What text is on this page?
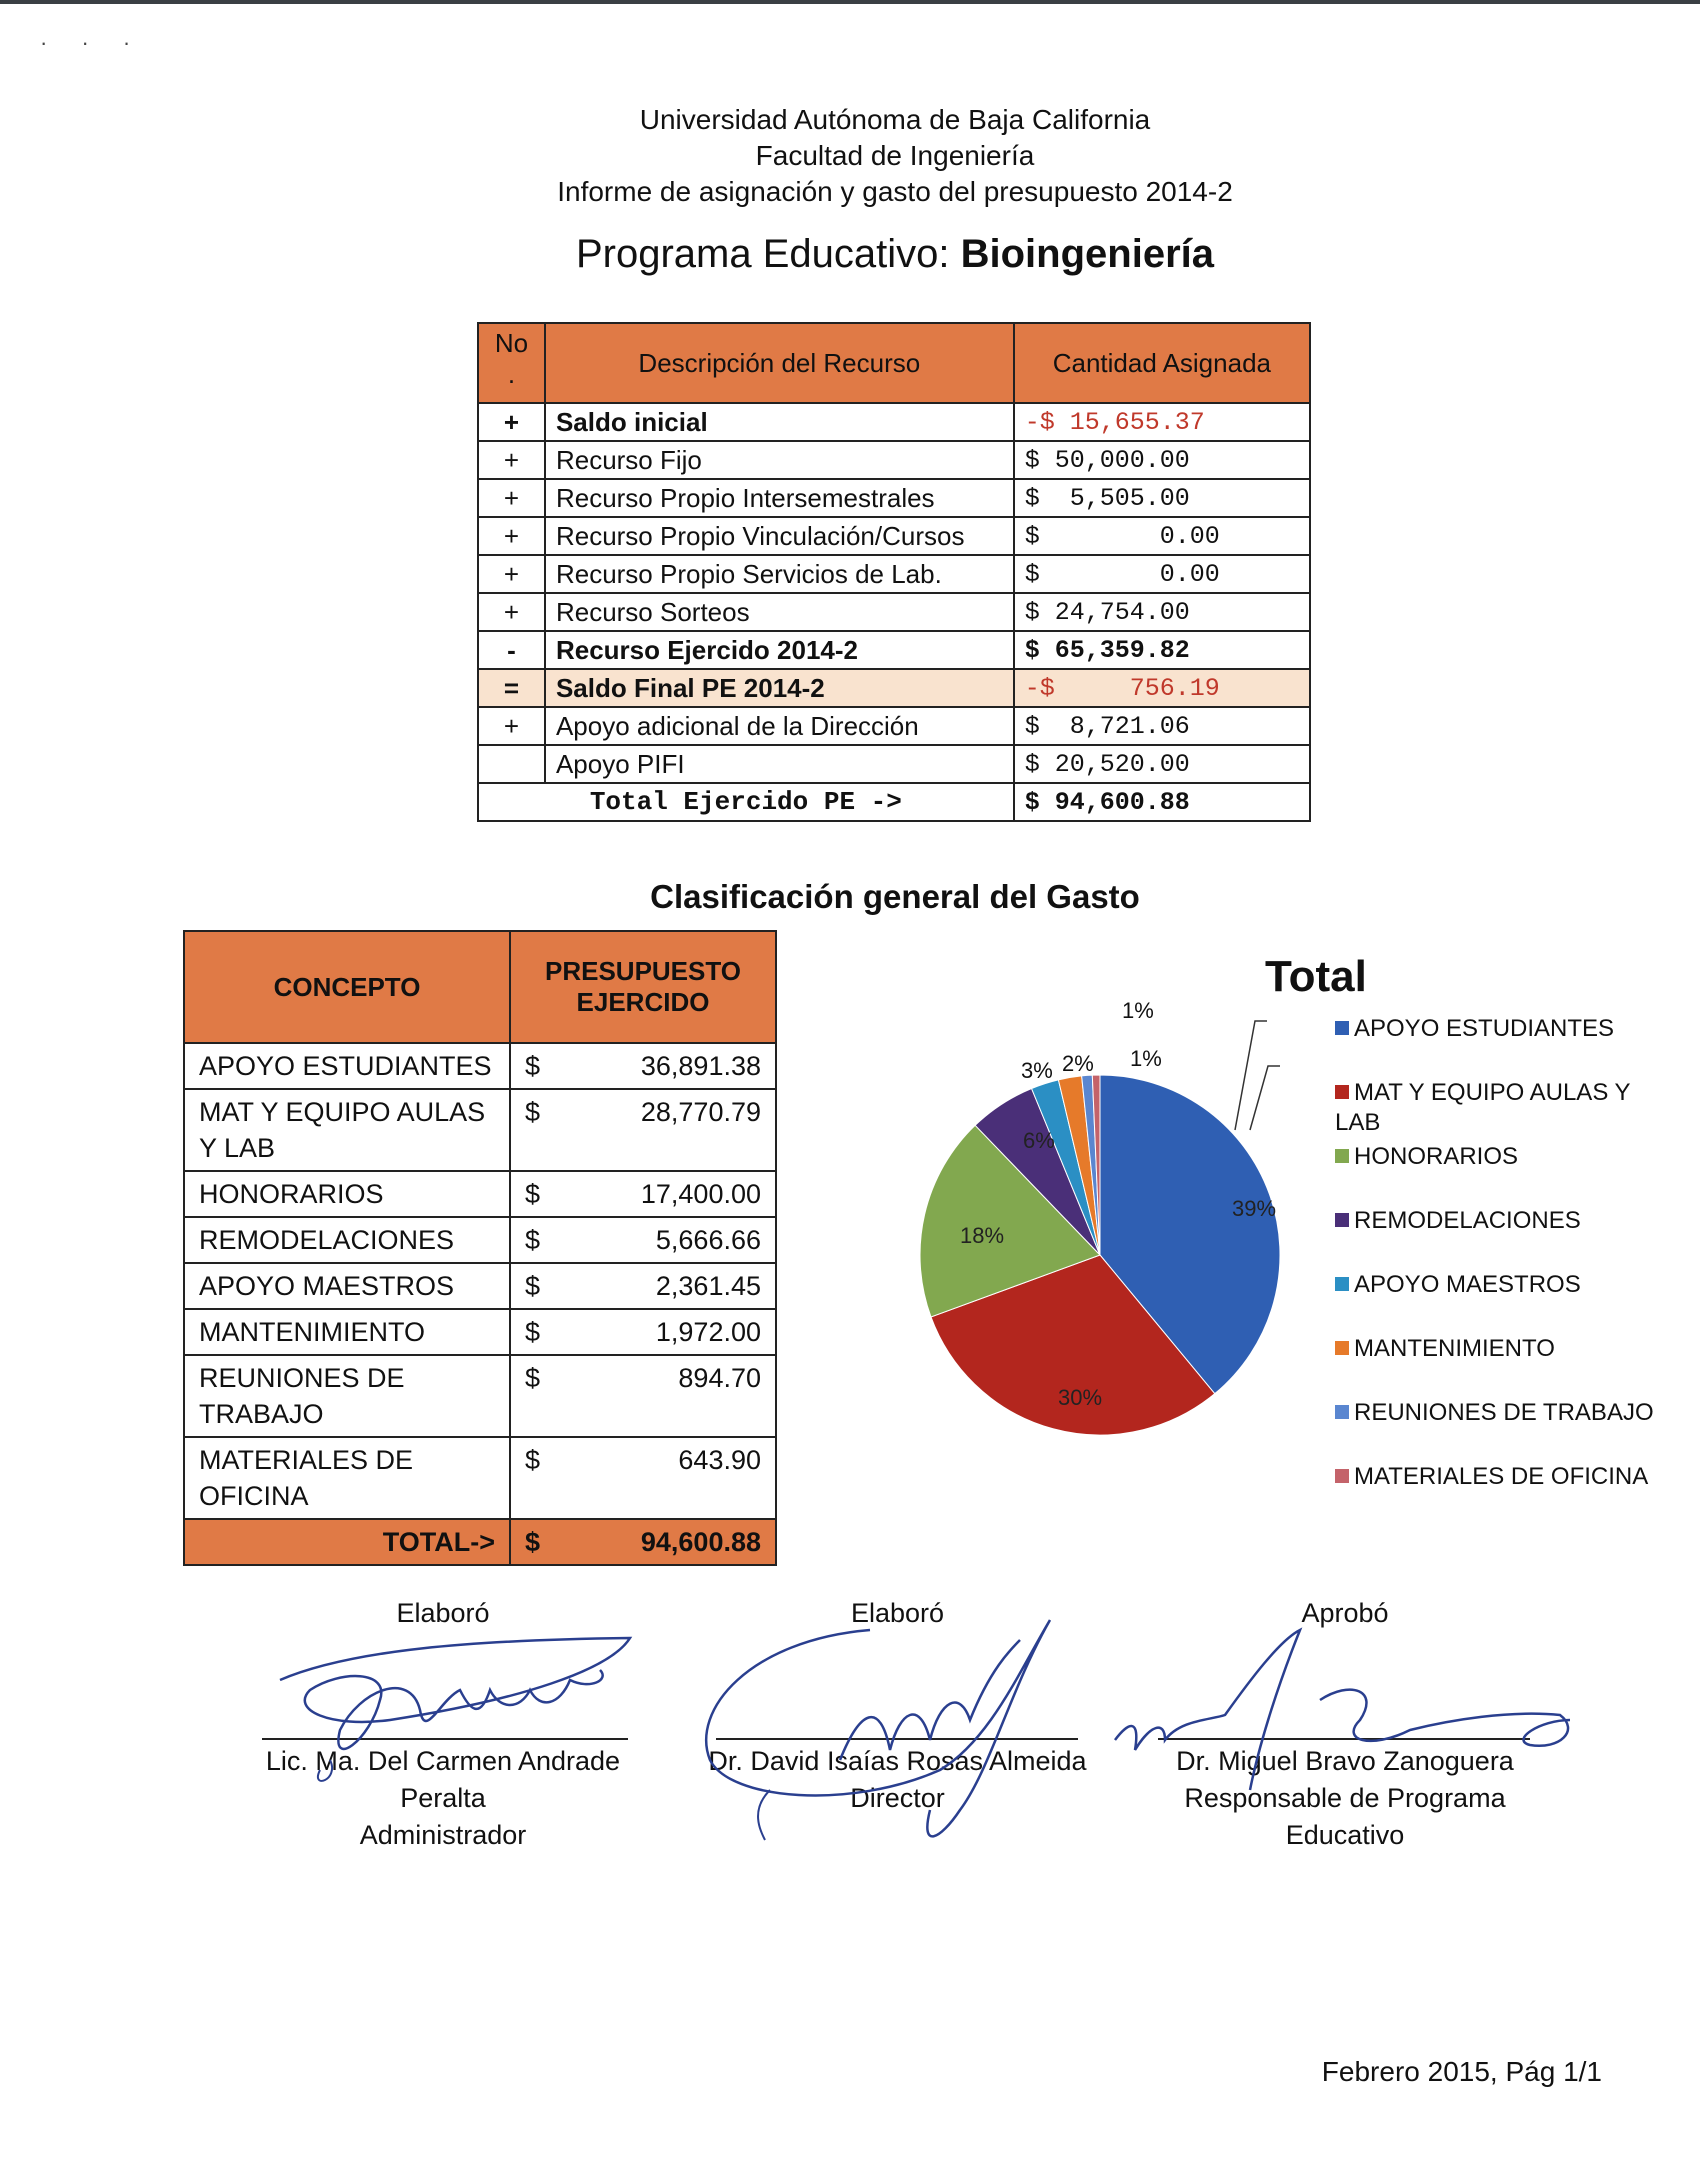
· · ·
Universidad Autónoma de Baja California
Facultad de Ingeniería
Informe de asignación y gasto del presupuesto 2014-2
Programa Educativo: Bioingeniería
No
.	Descripción del Recurso	Cantidad Asignada
+	Saldo inicial	-$ 15,655.37
+	Recurso Fijo	$ 50,000.00
+	Recurso Propio Intersemestrales	$  5,505.00
+	Recurso Propio Vinculación/Cursos	$        0.00
+	Recurso Propio Servicios de Lab.	$        0.00
+	Recurso Sorteos	$ 24,754.00
-	Recurso Ejercido 2014-2	$ 65,359.82
=	Saldo Final PE 2014-2	-$     756.19
+	Apoyo adicional de la Dirección	$  8,721.06
	Apoyo PIFI	$ 20,520.00
Total Ejercido PE ->		$ 94,600.88
Clasificación general del Gasto
CONCEPTO	PRESUPUESTO
EJERCIDO
APOYO ESTUDIANTES	$ 36,891.38

MAT Y EQUIPO AULAS Y LAB	$ 28,770.79

HONORARIOS	$ 17,400.00

REMODELACIONES	$ 5,666.66

APOYO MAESTROS	$ 2,361.45

MANTENIMIENTO	$ 1,972.00

REUNIONES DE TRABAJO	$ 894.70

MATERIALES DE OFICINA	$ 643.90

TOTAL->	$ 94,600.88
Total
39%
30%
18%
6%
3% 2%
1%
1%
APOYO ESTUDIANTES
MAT Y EQUIPO AULAS Y LAB
HONORARIOS
REMODELACIONES
APOYO MAESTROS
MANTENIMIENTO
REUNIONES DE TRABAJO
MATERIALES DE OFICINA
Elaboró
Lic. Ma. Del Carmen Andrade
Peralta
Administrador
Elaboró
Dr. David Isaías Rosas Almeida
Director
Aprobó
Dr. Miguel Bravo Zanoguera
Responsable de Programa
Educativo
Febrero 2015, Pág 1/1
